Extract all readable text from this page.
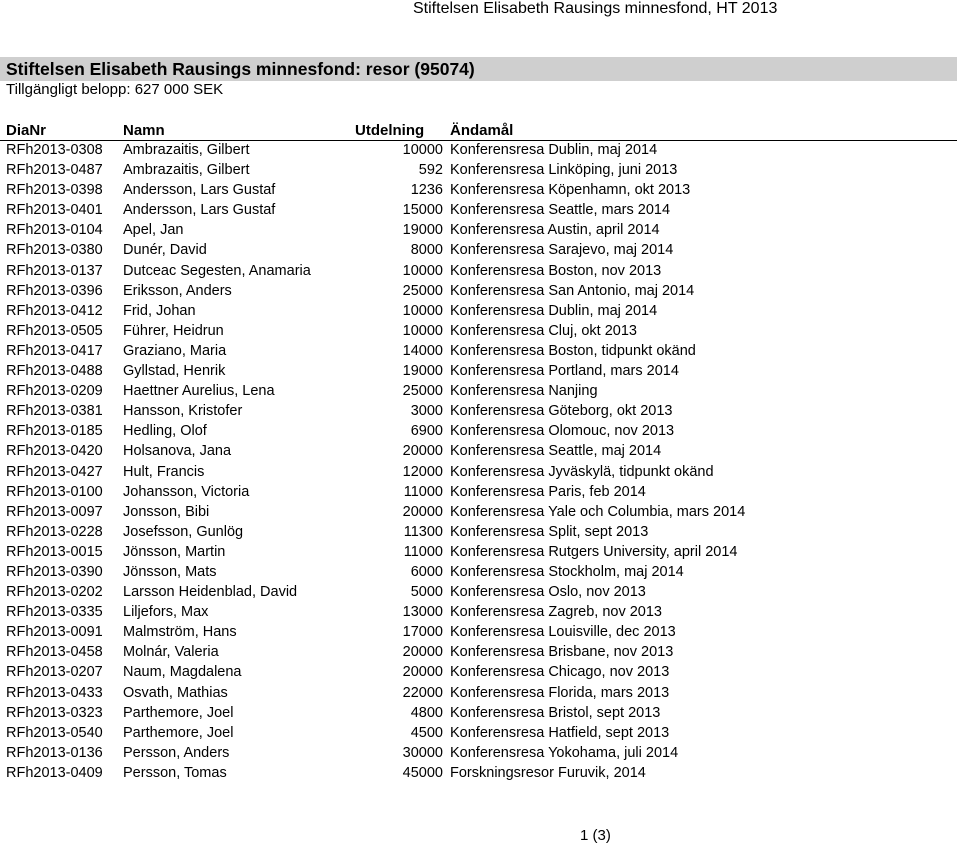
Stiftelsen Elisabeth Rausings minnesfond, HT 2013
Stiftelsen Elisabeth Rausings minnesfond: resor (95074)
Tillgängligt belopp: 627 000 SEK
DiaNr	Namn	Utdelning Ändamål
RFh2013-0308 Ambrazaitis, Gilbert	10000 Konferensresa Dublin, maj 2014
RFh2013-0487 Ambrazaitis, Gilbert	592 Konferensresa Linköping, juni 2013
RFh2013-0398 Andersson, Lars Gustaf	1236 Konferensresa Köpenhamn, okt 2013
RFh2013-0401 Andersson, Lars Gustaf	15000 Konferensresa Seattle, mars 2014
RFh2013-0104 Apel, Jan	19000 Konferensresa Austin, april 2014
RFh2013-0380 Dunér, David	8000 Konferensresa Sarajevo, maj 2014
RFh2013-0137 Dutceac Segesten, Anamaria	10000 Konferensresa Boston, nov 2013
RFh2013-0396 Eriksson, Anders	25000 Konferensresa San Antonio, maj 2014
RFh2013-0412 Frid, Johan	10000 Konferensresa Dublin, maj 2014
RFh2013-0505 Führer, Heidrun	10000 Konferensresa Cluj, okt 2013
RFh2013-0417 Graziano, Maria	14000 Konferensresa Boston, tidpunkt okänd
RFh2013-0488 Gyllstad, Henrik	19000 Konferensresa Portland, mars 2014
RFh2013-0209 Haettner Aurelius, Lena	25000 Konferensresa Nanjing
RFh2013-0381 Hansson, Kristofer	3000 Konferensresa Göteborg, okt 2013
RFh2013-0185 Hedling, Olof	6900 Konferensresa Olomouc, nov 2013
RFh2013-0420 Holsanova, Jana	20000 Konferensresa Seattle, maj 2014
RFh2013-0427 Hult, Francis	12000 Konferensresa Jyväskylä, tidpunkt okänd
RFh2013-0100 Johansson, Victoria	11000 Konferensresa Paris, feb 2014
RFh2013-0097 Jonsson, Bibi	20000 Konferensresa Yale och Columbia, mars 2014
RFh2013-0228 Josefsson, Gunlög	11300 Konferensresa Split, sept 2013
RFh2013-0015 Jönsson, Martin	11000 Konferensresa Rutgers University, april 2014
RFh2013-0390 Jönsson, Mats	6000 Konferensresa Stockholm, maj 2014
RFh2013-0202 Larsson Heidenblad, David	5000 Konferensresa Oslo, nov 2013
RFh2013-0335 Liljefors, Max	13000 Konferensresa Zagreb, nov 2013
RFh2013-0091 Malmström, Hans	17000 Konferensresa Louisville, dec 2013
RFh2013-0458 Molnár, Valeria	20000 Konferensresa Brisbane, nov 2013
RFh2013-0207 Naum, Magdalena	20000 Konferensresa Chicago, nov 2013
RFh2013-0433 Osvath, Mathias	22000 Konferensresa Florida, mars 2013
RFh2013-0323 Parthemore, Joel	4800 Konferensresa Bristol, sept 2013
RFh2013-0540 Parthemore, Joel	4500 Konferensresa Hatfield, sept 2013
RFh2013-0136 Persson, Anders	30000 Konferensresa Yokohama, juli 2014
RFh2013-0409 Persson, Tomas	45000 Forskningsresor Furuvik, 2014
1 (3)
